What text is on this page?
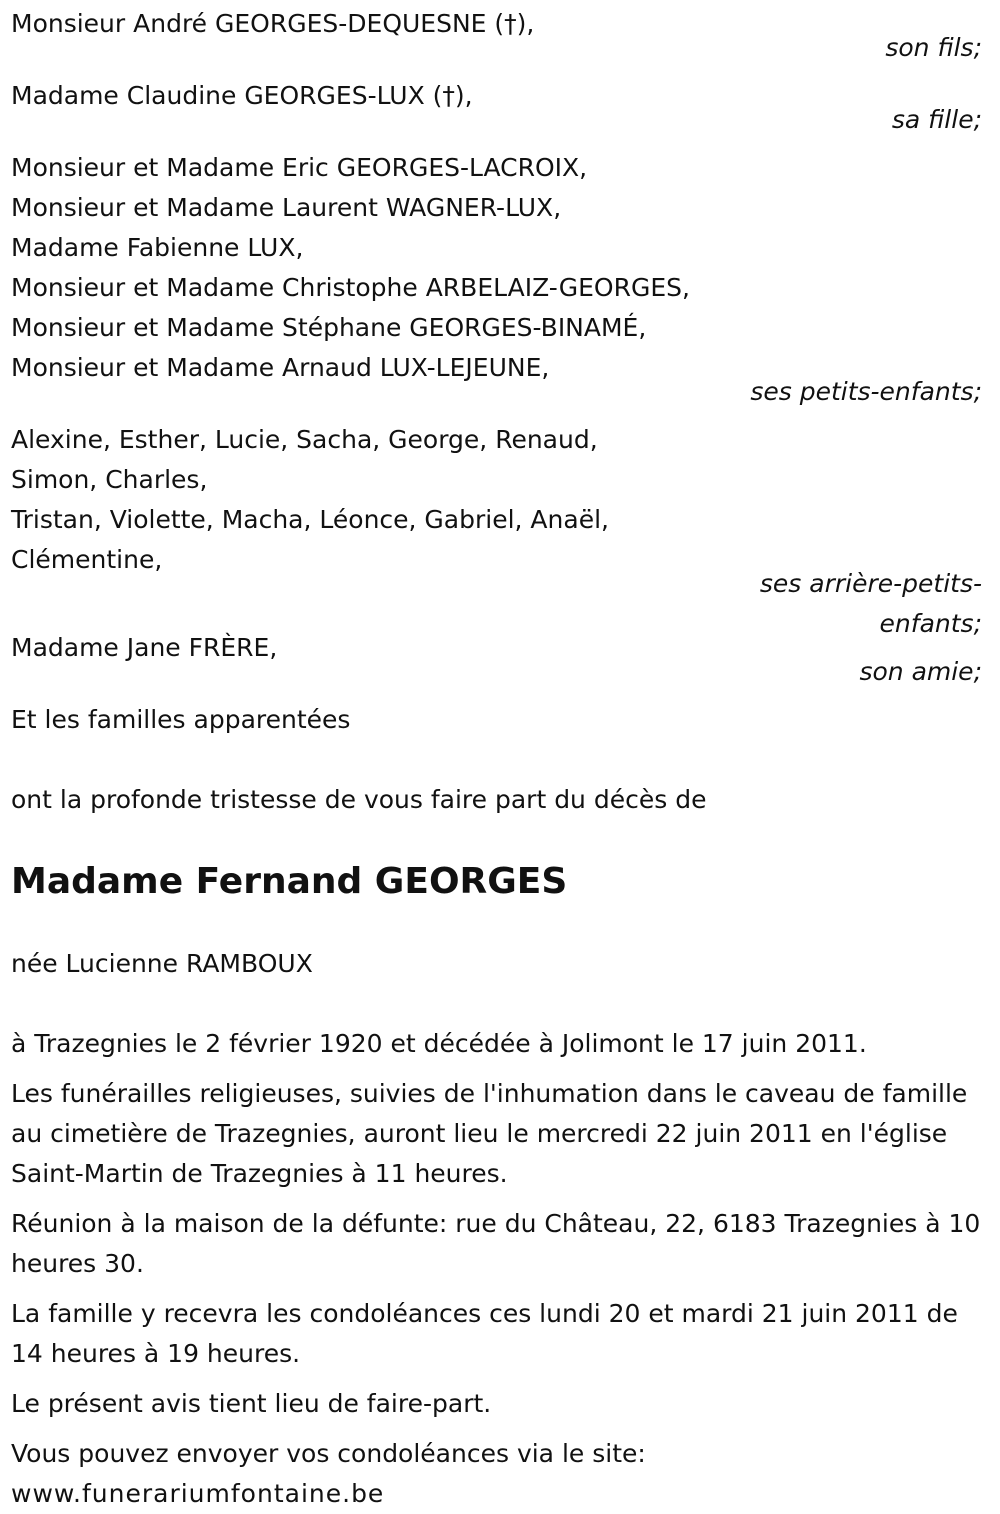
Monsieur André GEORGES-DEQUESNE (†),
son fils;
Madame Claudine GEORGES-LUX (†),
sa fille;
Monsieur et Madame Eric GEORGES-LACROIX,
Monsieur et Madame Laurent WAGNER-LUX,
Madame Fabienne LUX,
Monsieur et Madame Christophe ARBELAIZ-GEORGES,
Monsieur et Madame Stéphane GEORGES-BINAMÉ,
Monsieur et Madame Arnaud LUX-LEJEUNE,
ses petits-enfants;
Alexine, Esther, Lucie, Sacha, George, Renaud,
Simon, Charles,
Tristan, Violette, Macha, Léonce, Gabriel, Anaël,
Clémentine,
ses arrière-petits-
enfants;
Madame Jane FRÈRE,
son amie;
Et les familles apparentées
ont la profonde tristesse de vous faire part du décès de
Madame Fernand GEORGES
née Lucienne RAMBOUX

à Trazegnies le 2 février 1920 et décédée à Jolimont le 17 juin 2011.

Les funérailles religieuses, suivies de l'inhumation dans le caveau de famille au cimetière de Trazegnies, auront lieu le mercredi 22 juin 2011 en l'église Saint-Martin de Trazegnies à 11 heures.

Réunion à la maison de la défunte: rue du Château, 22, 6183 Trazegnies à 10 heures 30.

La famille y recevra les condoléances ces lundi 20 et mardi 21 juin 2011 de 14 heures à 19 heures.

Le présent avis tient lieu de faire-part.

Vous pouvez envoyer vos condoléances via le site:
www.funerariumfontaine.be
